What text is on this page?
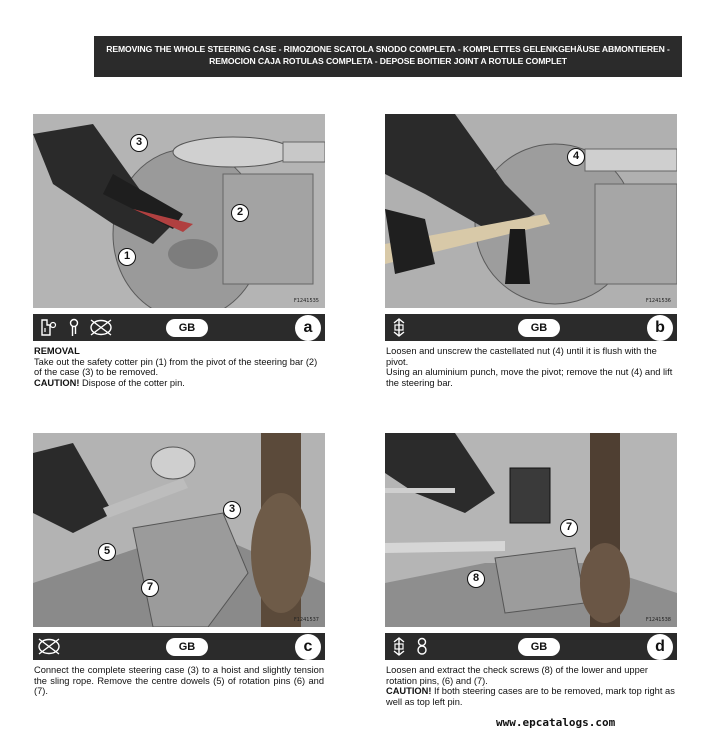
REMOVING THE WHOLE STEERING CASE - RIMOZIONE SCATOLA SNODO COMPLETA - KOMPLETTES GELENKGEHÄUSE ABMONTIEREN -
REMOCION CAJA ROTULAS COMPLETA - DEPOSE BOITIER JOINT A ROTULE COMPLET
3
2
1
F1241535
GB	a
REMOVAL
Take out the safety cotter pin (1) from the pivot of the steering bar (2) of the case (3) to be removed.
CAUTION! Dispose of the cotter pin.
4
F1241536
GB	b
Loosen and unscrew the castellated nut (4) until it is flush with the pivot.
Using an aluminium punch, move the pivot; remove the nut (4) and lift the steering bar.
3
5
7
F1241537
GB	c
Connect the complete steering case (3) to a hoist and slightly tension the sling rope. Remove the centre dowels (5) of rotation pins (6) and (7).
7
8
F1241538
GB	d
Loosen and extract the check screws (8) of the lower and upper rotation pins, (6) and (7).
CAUTION! If both steering cases are to be removed, mark top right as well as top left pin.
www.epcatalogs.com
